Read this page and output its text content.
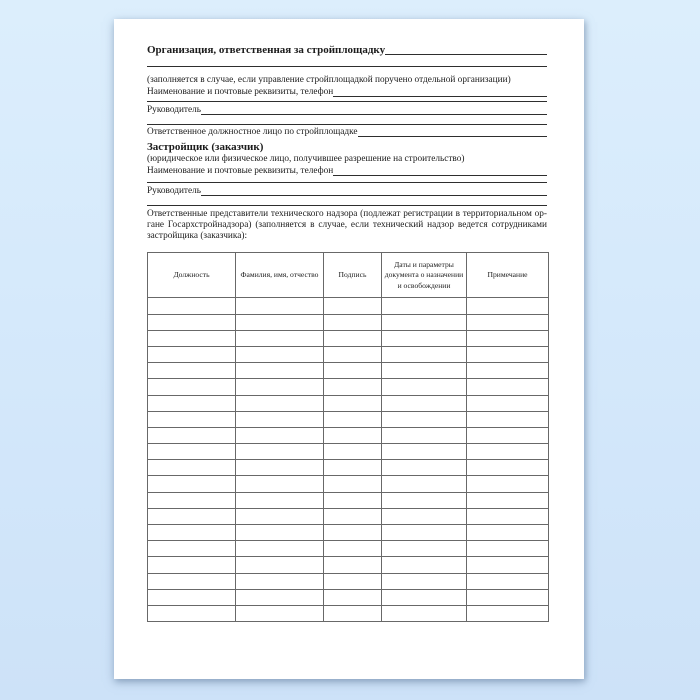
Организация, ответственная за стройплощадку
(заполняется в случае, если управление стройплощадкой поручено отдельной организации)
Наименование и почтовые реквизиты, телефон
Руководитель
Ответственное должностное лицо по стройплощадке
Застройщик (заказчик)
(юридическое или физическое лицо, получившее разрешение на строительство)
Наименование и почтовые реквизиты, телефон
Руководитель
Ответственные представители технического надзора (подлежат регистрации в территориальном ор-
гане Госархстройнадзора) (заполняется в случае, если технический надзор ведется сотрудниками
застройщика (заказчика):
Должность	Фамилия, имя, отчество	Подпись	Даты и параметры документа о назначении и освобождении	Примечание
